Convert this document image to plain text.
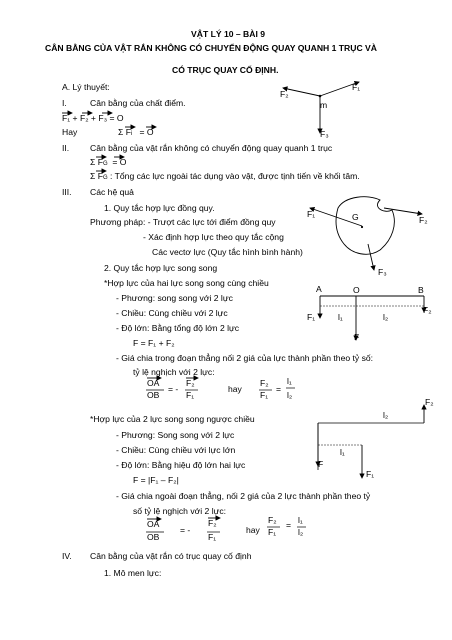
VẬT LÝ 10 – BÀI 9
CÂN BẰNG CỦA VẬT RẮN KHÔNG CÓ CHUYỂN ĐỘNG QUAY QUANH 1 TRỤC VÀ
CÓ TRỤC QUAY CỐ ĐỊNH.
A. Lý thuyết:
I.	Cân bằng của chất điểm.
F₁ + F₂ + F₃ = O
Hay	Σ Fi = O
II. Cân bằng của vật rắn không có chuyển động quay quanh 1 trục
Σ FG = O
Σ FG : Tổng các lực ngoài tác dụng vào vật, được tịnh tiến về khối tâm.
III. Các hệ quả
1. Quy tắc hợp lực đồng quy.
Phương pháp: - Trượt các lực tới điểm đồng quy
- Xác định hợp lực theo quy tắc cộng
Các vectơ lực (Quy tắc hình bình hành)
2. Quy tắc hợp lực song song
*Hợp lực của hai lực song song cùng chiều
- Phương: song song với 2 lực
- Chiều: Cùng chiều với 2 lực
- Độ lớn: Bằng tổng độ lớn 2 lực
F = F₁ + F₂
- Giá chia trong đoạn thẳng nối 2 giá của lực thành phần theo tỷ số:
tỷ lệ nghịch với 2 lực:
OA
OB
= -
F₂
F₁
hay
F₂
F₁
=
l₁
l₂
*Hợp lực của 2 lực song song ngược chiều
- Phương: Song song với 2 lực
- Chiều: Cùng chiều với lực lớn
- Độ lớn: Bằng hiệu độ lớn hai lực
F = |F₁ – F₂|
- Giá chia ngoài đoạn thẳng, nối 2 giá của 2 lực thành phần theo tỷ
số tỷ lệ nghịch với 2 lực:
OA
OB
= -
F₂
F₁
hay
F₂
F₁
= l₁
l₂
IV. Cân bằng của vật rắn có trục quay cố định
1. Mô men lực:
F₂
F₁
m
F₃
F₁
F₂
G
F₃
A	O	B
F₁	l₁	l₂
F₂
F
l₂
F₂
l₁
F
F₁
